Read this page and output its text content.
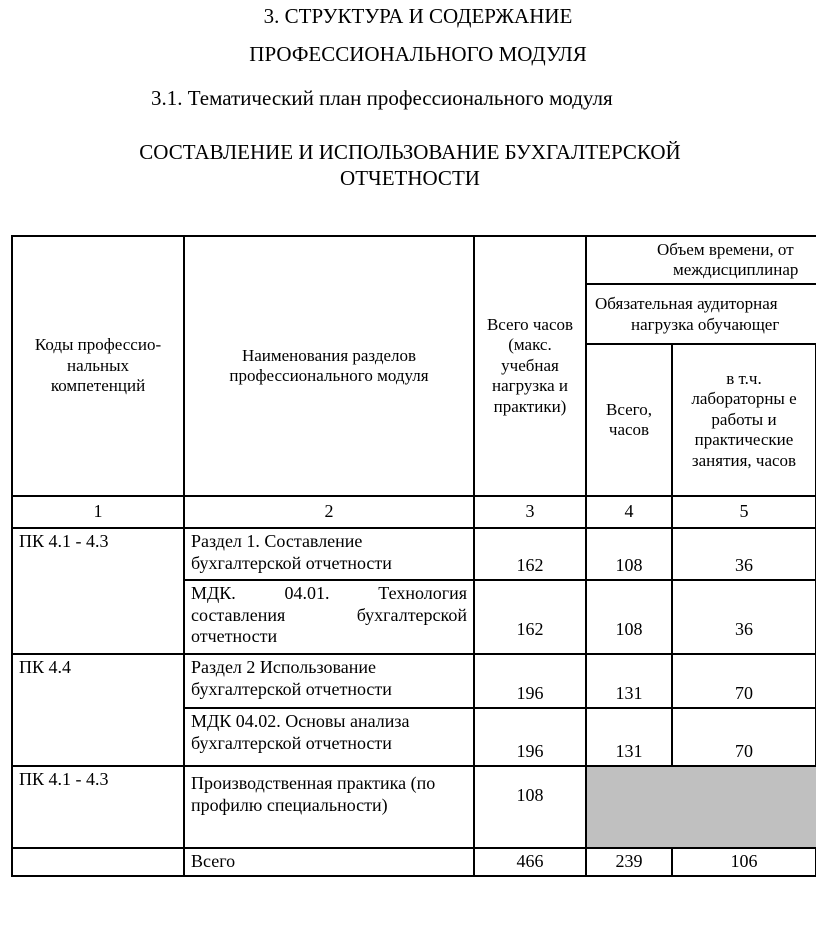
3. СТРУКТУРА И СОДЕРЖАНИЕ
ПРОФЕССИОНАЛЬНОГО МОДУЛЯ
3.1. Тематический план профессионального модуля
СОСТАВЛЕНИЕ И ИСПОЛЬЗОВАНИЕ БУХГАЛТЕРСКОЙ
ОТЧЕТНОСТИ
Коды профессио-нальных компетенций	Наименования разделов профессионального модуля	Всего часов (макс. учебная нагрузка и практики)	Объем времени, от
междисциплинар		
			Обязательная аудиторная
нагрузка обучающег		
			Всего, часов	в т.ч. лабораторны е работы и практические занятия, часов	
1	2	3	4	5	
ПК 4.1 - 4.3	Раздел 1. Составление бухгалтерской отчетности	162	108	36	
	МДК. 04.01. Технология составления бухгалтерской отчетности	162	108	36	
ПК 4.4	Раздел 2 Использование бухгалтерской отчетности	196	131	70	
	МДК 04.02. Основы анализа бухгалтерской отчетности	196	131	70	
ПК 4.1 - 4.3	Производственная практика (по профилю специальности)	108			
	Всего	466	239	106	
